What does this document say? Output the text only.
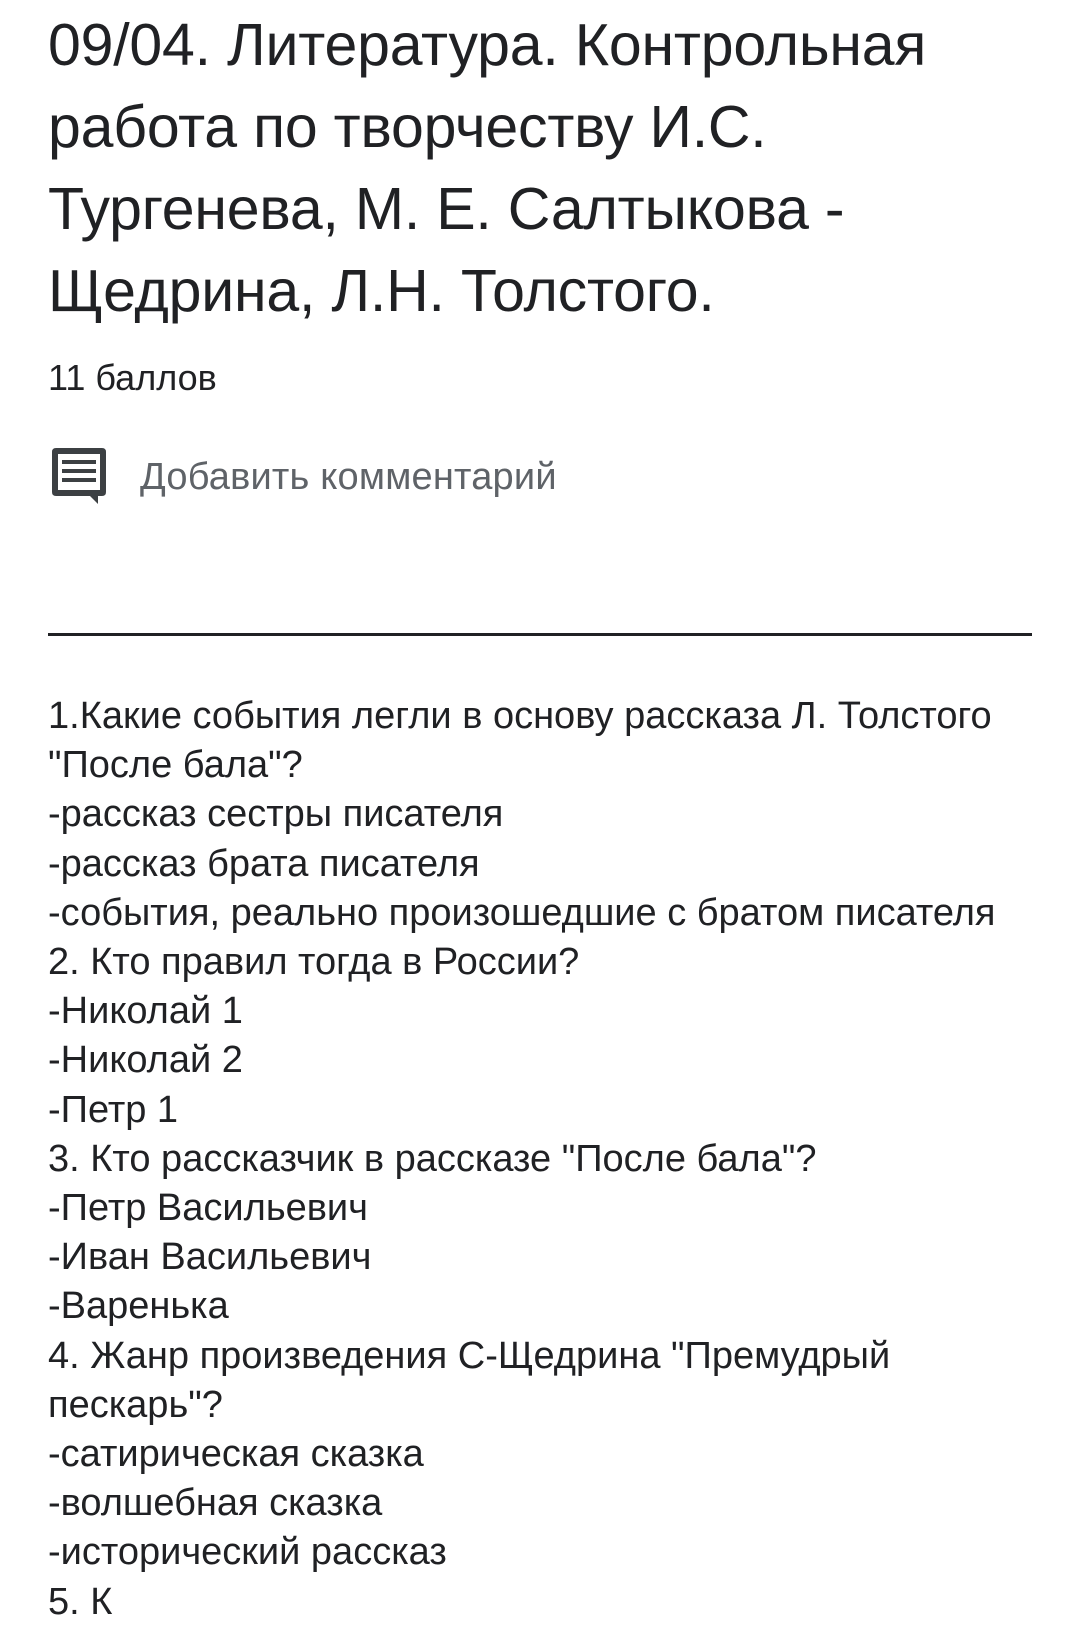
09/04. Литература. Контрольная работа по творчеству И.С. Тургенева, М. Е. Салтыкова - Щедрина, Л.Н. Толстого.
11 баллов
Добавить комментарий
1.Какие события легли в основу рассказа Л. Толстого "После бала"?
-рассказ сестры писателя
-рассказ брата писателя
-события, реально произошедшие с братом писателя
2. Кто правил тогда в России?
-Николай 1
-Николай 2
-Петр 1
3. Кто рассказчик в рассказе "После бала"?
-Петр Васильевич
-Иван Васильевич
-Варенька
4. Жанр произведения С-Щедрина "Премудрый пескарь"?
-сатирическая сказка
-волшебная сказка
-исторический рассказ
5. К
